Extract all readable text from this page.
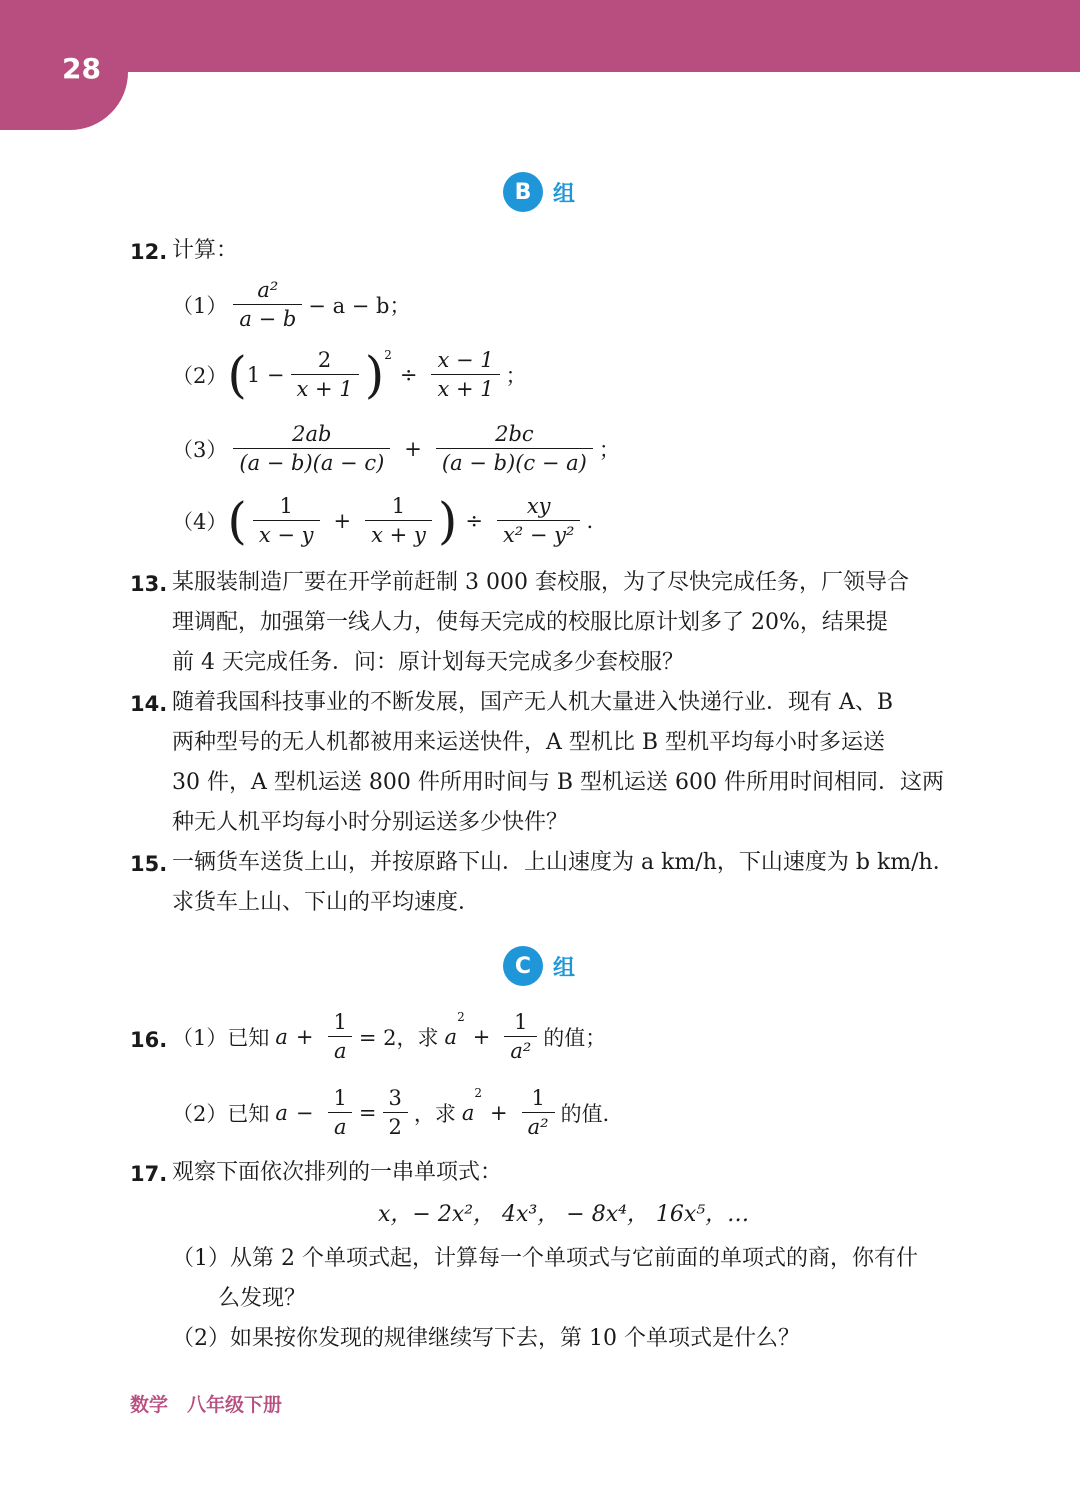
28
B 组
12. 计算：
$(1) \frac{\text{a²}}{a - b} - a - b$；
（2） ( $1 - \frac{2}{x + 1} )^2$
÷ $\frac{x - 1}{x + 1}$ ；
$(3) \frac{2ab}{(a - b)(a - c)} + \frac{2bc}{(a - b)(c - a)}$ ；
（4） ( $\frac{1}{x - y} + \frac{1}{x + y}$ ) ÷ $\frac{xy}{\text{x² − y²}}$ .
13. 某服装制造厂要在开学前赶制 3 000 套校服，为了尽快完成任务，厂领导合
理调配，加强第一线人力，使每天完成的校服比原计划多了 20%，结果提
前 4 天完成任务．问：原计划每天完成多少套校服？
14. 随着我国科技事业的不断发展，国产无人机大量进入快递行业．现有 A、B
两种型号的无人机都被用来运送快件，A 型机比 B 型机平均每小时多运送
30 件，A 型机运送 800 件所用时间与 B 型机运送 600 件所用时间相同．这两
种无人机平均每小时分别运送多少快件？
15. 一辆货车送货上山，并按原路下山．上山速度为 a km/h，下山速度为 b km/h．
求货车上山、下山的平均速度．
C 组
16. （1）已知 $a + \frac{1}{a} = 2$，求 a
2
+ $\frac{1}{\text{a²}}$ 的值；
（2）已知 $a - \frac{1}{a} = \frac{3}{2}$ ，求 a
2
+ $\frac{1}{\text{a²}}$ 的值．
17. 观察下面依次排列的一串单项式：
x，− 2x²， 4x³， − 8x⁴， 16x⁵，…
（1）从第 2 个单项式起，计算每一个单项式与它前面的单项式的商，你有什
么发现？
（2）如果按你发现的规律继续写下去，第 10 个单项式是什么？
数学　八年级下册
